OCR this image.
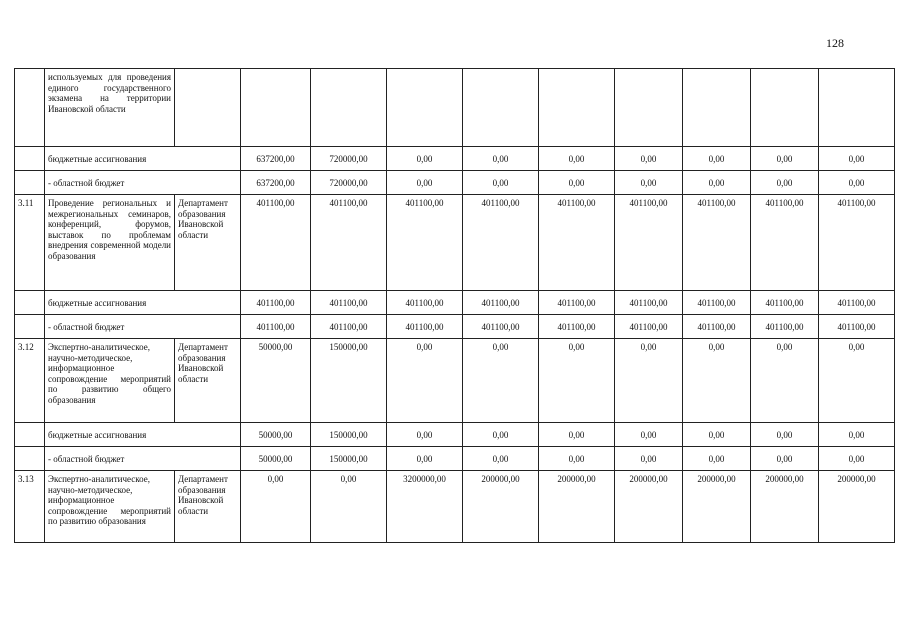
128
	используемых для проведения единого государственного экзамена на территории Ивановской области										
	бюджетные ассигнования		637200,00	720000,00	0,00	0,00	0,00	0,00	0,00	0,00	0,00
	- областной бюджет		637200,00	720000,00	0,00	0,00	0,00	0,00	0,00	0,00	0,00
3.11	Проведение региональных и межрегиональных семинаров, конференций, форумов, выставок по проблемам внедрения современной модели образования	Департамент образования Ивановской области	401100,00	401100,00	401100,00	401100,00	401100,00	401100,00	401100,00	401100,00	401100,00
	бюджетные ассигнования		401100,00	401100,00	401100,00	401100,00	401100,00	401100,00	401100,00	401100,00	401100,00
	- областной бюджет		401100,00	401100,00	401100,00	401100,00	401100,00	401100,00	401100,00	401100,00	401100,00
3.12	Экспертно-аналитическое, научно-методическое, информационное сопровождение мероприятий по развитию общего образования	Департамент образования Ивановской области	50000,00	150000,00	0,00	0,00	0,00	0,00	0,00	0,00	0,00
	бюджетные ассигнования		50000,00	150000,00	0,00	0,00	0,00	0,00	0,00	0,00	0,00
	- областной бюджет		50000,00	150000,00	0,00	0,00	0,00	0,00	0,00	0,00	0,00
3.13	Экспертно-аналитическое, научно-методическое, информационное сопровождение мероприятий по развитию образования	Департамент образования Ивановской области	0,00	0,00	3200000,00	200000,00	200000,00	200000,00	200000,00	200000,00	200000,00
